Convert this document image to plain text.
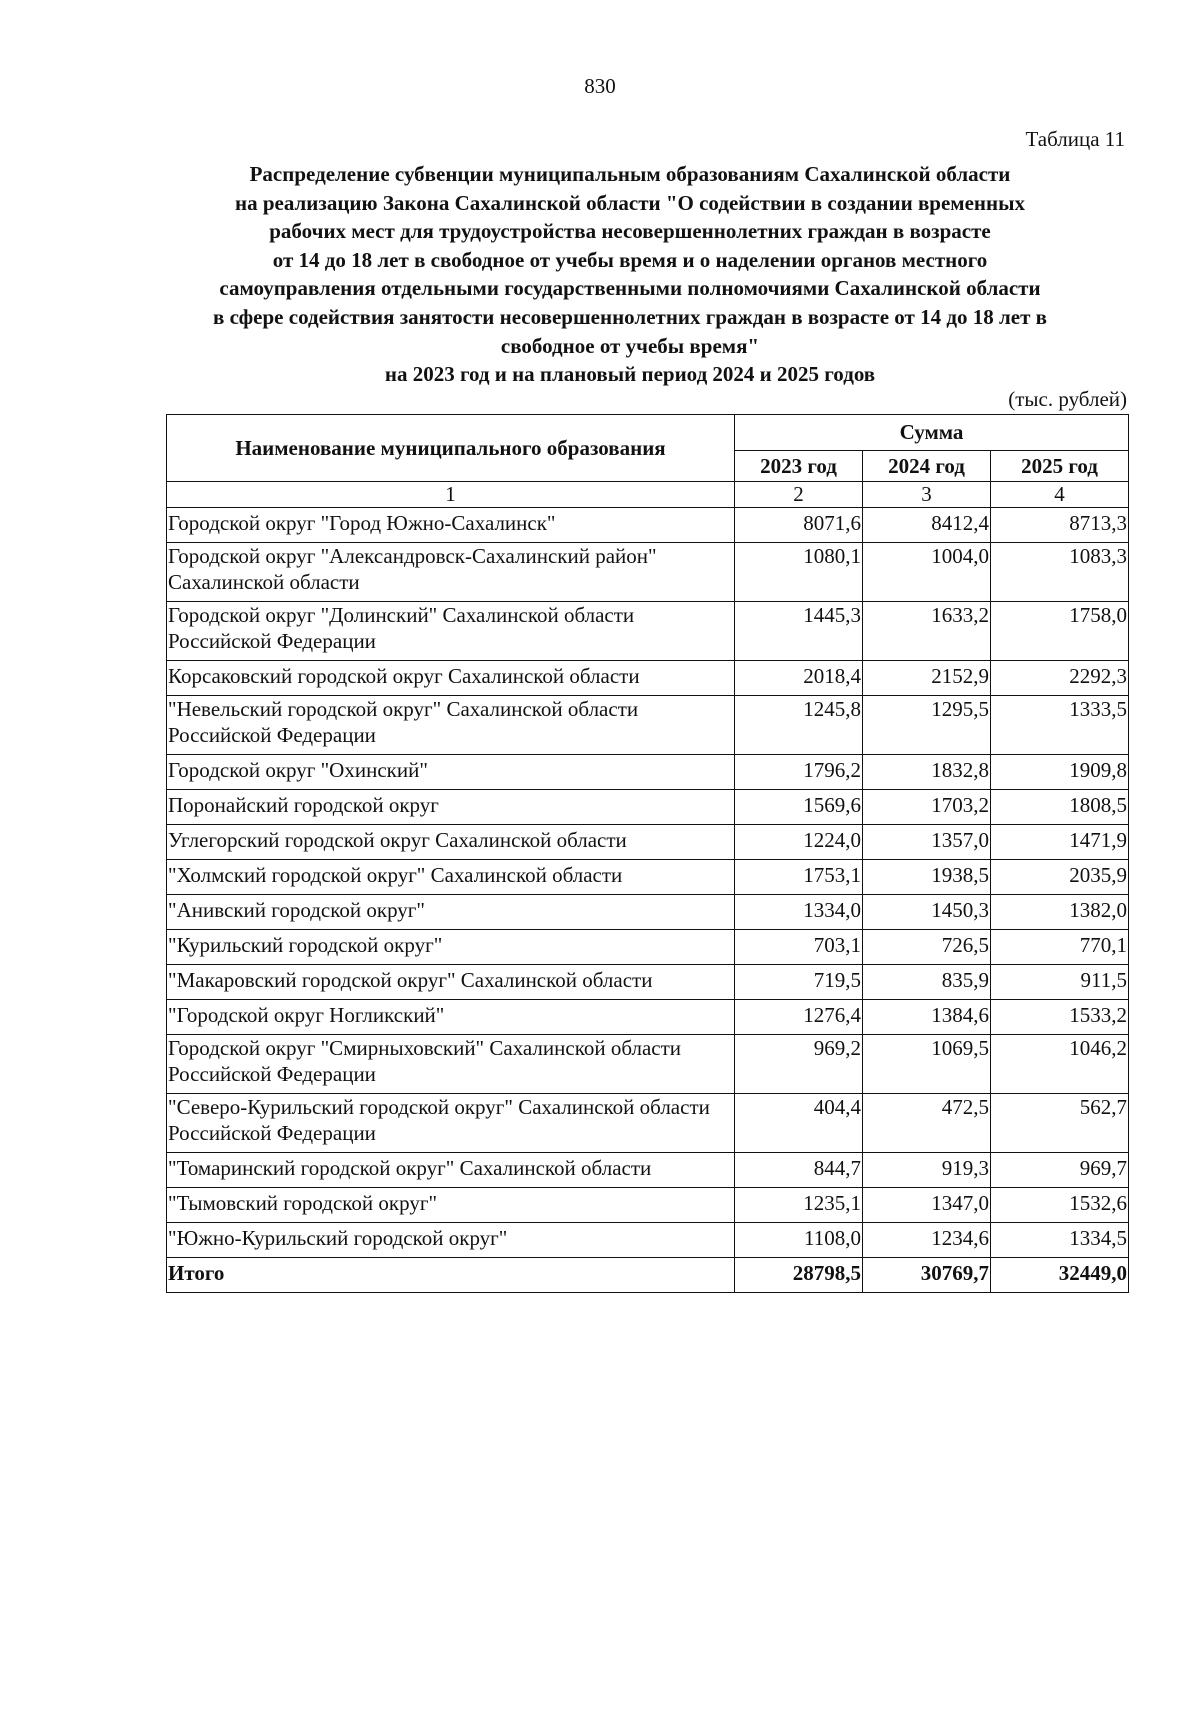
830
Таблица 11
Распределение субвенции муниципальным образованиям Сахалинской области
на реализацию Закона Сахалинской области "О содействии в создании временных
рабочих мест для трудоустройства несовершеннолетних граждан в возрасте
от 14 до 18 лет в свободное от учебы время и о наделении органов местного
самоуправления отдельными государственными полномочиями Сахалинской области
в сфере содействия занятости несовершеннолетних граждан в возрасте от 14 до 18 лет в
свободное от учебы время"
на 2023 год и на плановый период 2024 и 2025 годов
(тыс. рублей)
Наименование муниципального образования	Сумма		
	2023 год	2024 год	2025 год
1	2	3	4
Городской округ "Город Южно-Сахалинск"	8071,6	8412,4	8713,3
Городской округ "Александровск-Сахалинский район" Сахалинской области	1080,1	1004,0	1083,3
Городской округ "Долинский" Сахалинской области Российской Федерации	1445,3	1633,2	1758,0
Корсаковский городской округ Сахалинской области	2018,4	2152,9	2292,3
"Невельский городской округ" Сахалинской области Российской Федерации	1245,8	1295,5	1333,5
Городской округ "Охинский"	1796,2	1832,8	1909,8
Поронайский городской округ	1569,6	1703,2	1808,5
Углегорский городской округ Сахалинской области	1224,0	1357,0	1471,9
"Холмский городской округ" Сахалинской области	1753,1	1938,5	2035,9
"Анивский городской округ"	1334,0	1450,3	1382,0
"Курильский городской округ"	703,1	726,5	770,1
"Макаровский городской округ" Сахалинской области	719,5	835,9	911,5
"Городской округ Ногликский"	1276,4	1384,6	1533,2
Городской округ "Смирныховский" Сахалинской области Российской Федерации	969,2	1069,5	1046,2
"Северо-Курильский городской округ" Сахалинской области Российской Федерации	404,4	472,5	562,7
"Томаринский городской округ" Сахалинской области	844,7	919,3	969,7
"Тымовский городской округ"	1235,1	1347,0	1532,6
"Южно-Курильский городской округ"	1108,0	1234,6	1334,5
Итого	28798,5	30769,7	32449,0
